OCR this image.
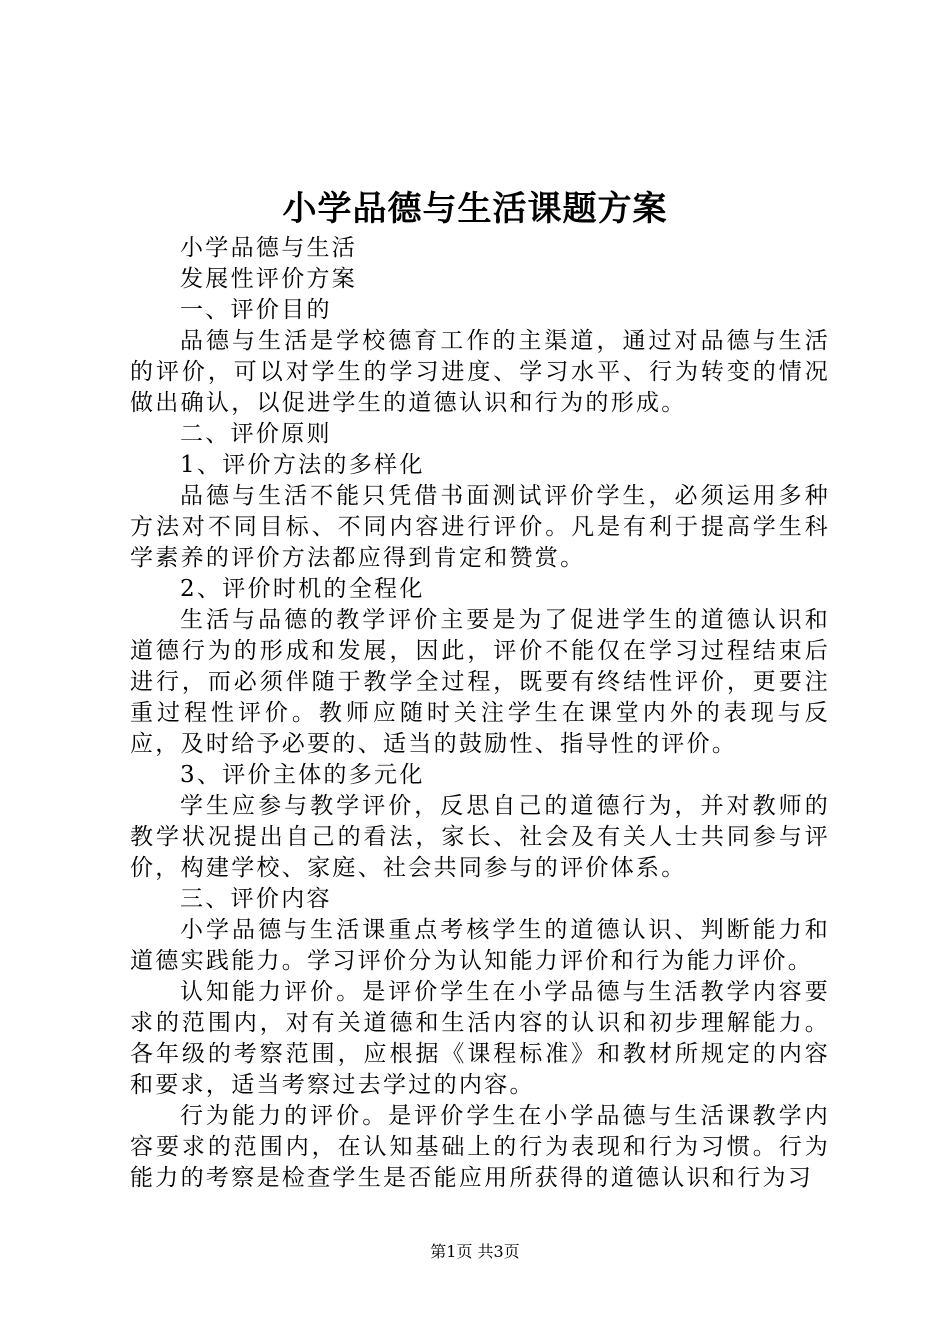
小学品德与生活课题方案

小学品德与生活

发展性评价方案

一、评价目的

品德与生活是学校德育工作的主渠道，通过对品德与生活的评价，可以对学生的学习进度、学习水平、行为转变的情况做出确认，以促进学生的道德认识和行为的形成。

二、评价原则

1、评价方法的多样化

品德与生活不能只凭借书面测试评价学生，必须运用多种方法对不同目标、不同内容进行评价。凡是有利于提高学生科学素养的评价方法都应得到肯定和赞赏。

2、评价时机的全程化

生活与品德的教学评价主要是为了促进学生的道德认识和道德行为的形成和发展，因此，评价不能仅在学习过程结束后进行，而必须伴随于教学全过程，既要有终结性评价，更要注重过程性评价。教师应随时关注学生在课堂内外的表现与反应，及时给予必要的、适当的鼓励性、指导性的评价。

3、评价主体的多元化

学生应参与教学评价，反思自己的道德行为，并对教师的教学状况提出自己的看法，家长、社会及有关人士共同参与评价，构建学校、家庭、社会共同参与的评价体系。

三、评价内容

小学品德与生活课重点考核学生的道德认识、判断能力和道德实践能力。学习评价分为认知能力评价和行为能力评价。

认知能力评价。是评价学生在小学品德与生活教学内容要求的范围内，对有关道德和生活内容的认识和初步理解能力。各年级的考察范围，应根据《课程标准》和教材所规定的内容和要求，适当考察过去学过的内容。

行为能力的评价。是评价学生在小学品德与生活课教学内容要求的范围内，在认知基础上的行为表现和行为习惯。行为能力的考察是检查学生是否能应用所获得的道德认识和行为习

第1页 共3页
